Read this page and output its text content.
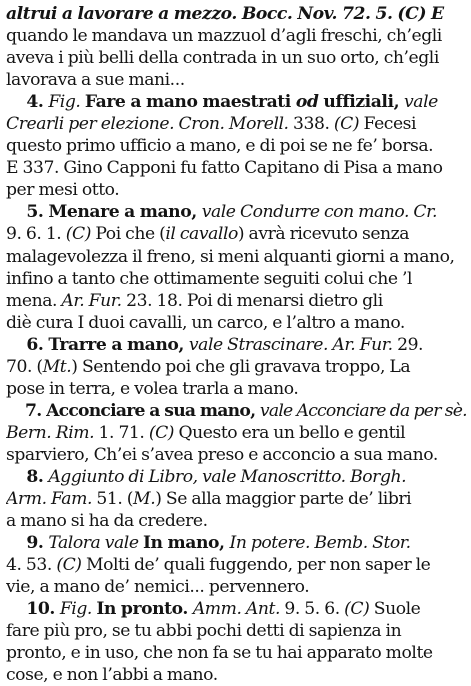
altrui a lavorare a mezzo. Bocc. Nov. 72. 5. (C) E
quando le mandava un mazzuol d’agli freschi, ch’egli
aveva i più belli della contrada in un suo orto, ch’egli
lavorava a sue mani...
4. Fig. Fare a mano maestrati od uffiziali, vale
Crearli per elezione. Cron. Morell. 338. (C) Fecesi
questo primo ufficio a mano, e di poi se ne fe’ borsa.
E 337. Gino Capponi fu fatto Capitano di Pisa a mano
per mesi otto.
5. Menare a mano, vale Condurre con mano. Cr.
9. 6. 1. (C) Poi che (il cavallo) avrà ricevuto senza
malagevolezza il freno, si meni alquanti giorni a mano,
infino a tanto che ottimamente seguiti colui che ’l
mena. Ar. Fur. 23. 18. Poi di menarsi dietro gli
diè cura I duoi cavalli, un carco, e l’altro a mano.
6. Trarre a mano, vale Strascinare. Ar. Fur. 29.
70. (Mt.) Sentendo poi che gli gravava troppo, La
pose in terra, e volea trarla a mano.
7. Acconciare a sua mano, vale Acconciare da per sè.
Bern. Rim. 1. 71. (C) Questo era un bello e gentil
sparviero, Ch’ei s’avea preso e acconcio a sua mano.
8. Aggiunto di Libro, vale Manoscritto. Borgh.
Arm. Fam. 51. (M.) Se alla maggior parte de’ libri
a mano si ha da credere.
9. Talora vale In mano, In potere. Bemb. Stor.
4. 53. (C) Molti de’ quali fuggendo, per non saper le
vie, a mano de’ nemici... pervennero.
10. Fig. In pronto. Amm. Ant. 9. 5. 6. (C) Suole
fare più pro, se tu abbi pochi detti di sapienza in
pronto, e in uso, che non fa se tu hai apparato molte
cose, e non l’abbi a mano.
